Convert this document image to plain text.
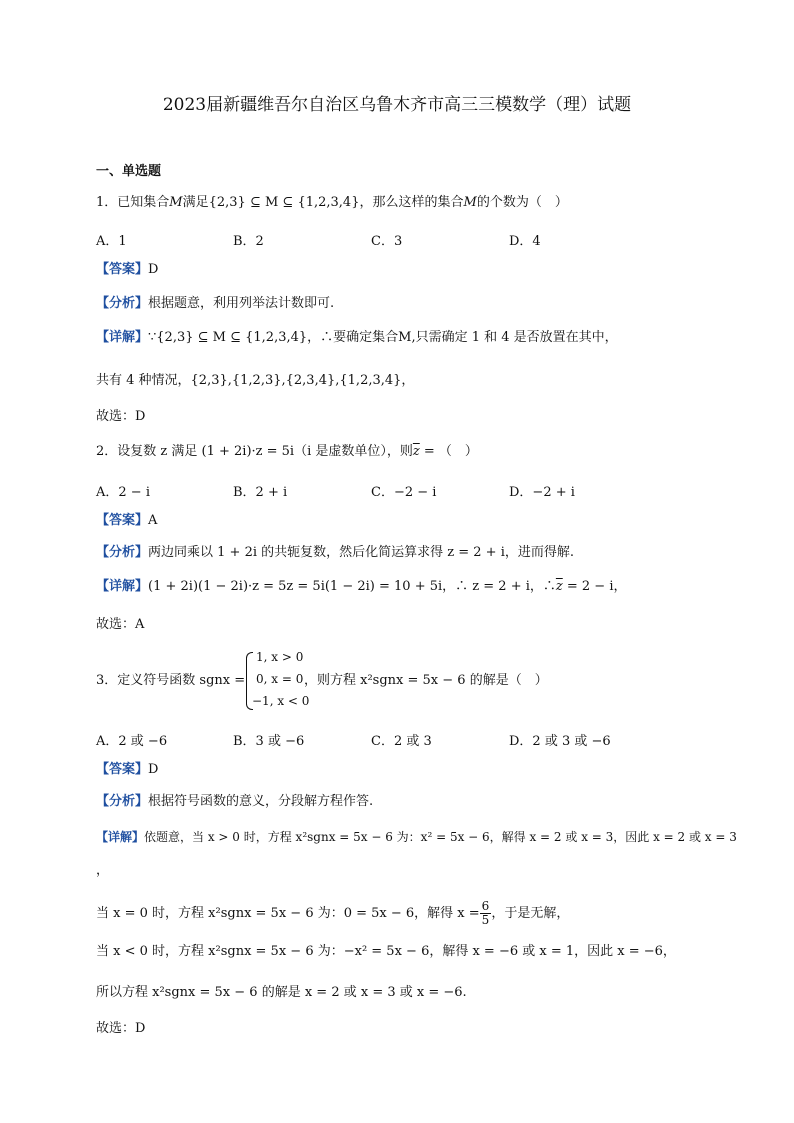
2023届新疆维吾尔自治区乌鲁木齐市高三三模数学（理）试题
一、单选题
1．已知集合M满足{2,3} ⊆ M ⊆ {1,2,3,4}，那么这样的集合M的个数为（　）
A．1	B．2	C．3	D．4
【答案】D
【分析】根据题意，利用列举法计数即可.
【详解】∵{2,3} ⊆ M ⊆ {1,2,3,4}，∴要确定集合M,只需确定 1 和 4 是否放置在其中，
共有 4 种情况，{2,3},{1,2,3},{2,3,4},{1,2,3,4}，
故选：D
2．设复数 z 满足 (1 + 2i)·z = 5i（i 是虚数单位），则$\overline{z}$ = （　）
A．2 − i	B．2 + i	C．−2 − i	D．−2 + i
【答案】A
【分析】两边同乘以 1 + 2i 的共轭复数，然后化简运算求得 z = 2 + i，进而得解.
【详解】(1 + 2i)(1 − 2i)·z = 5z = 5i(1 − 2i) = 10 + 5i，∴ z = 2 + i，$\therefore\overline{z} = 2 - i$，
故选：A
3．定义符号函数 sgnx =
1, x > 0
0, x = 0
−1, x < 0
，则方程 x²sgnx = 5x − 6 的解是（　）
A．2 或 −6	B．3 或 −6	C．2 或 3	D．2 或 3 或 −6
【答案】D
【分析】根据符号函数的意义，分段解方程作答.
【详解】依题意，当 x > 0 时，方程 x²sgnx = 5x − 6 为：x² = 5x − 6，解得 x = 2 或 x = 3，因此 x = 2 或 x = 3
，
当 x = 0 时，方程 x²sgnx = 5x − 6 为：0 = 5x − 6，解得 $x = \frac{6}{5}$ ，于是无解，
当 x < 0 时，方程 x²sgnx = 5x − 6 为：−x² = 5x − 6，解得 x = −6 或 x = 1，因此 x = −6，
所以方程 x²sgnx = 5x − 6 的解是 x = 2 或 x = 3 或 x = −6.
故选：D
